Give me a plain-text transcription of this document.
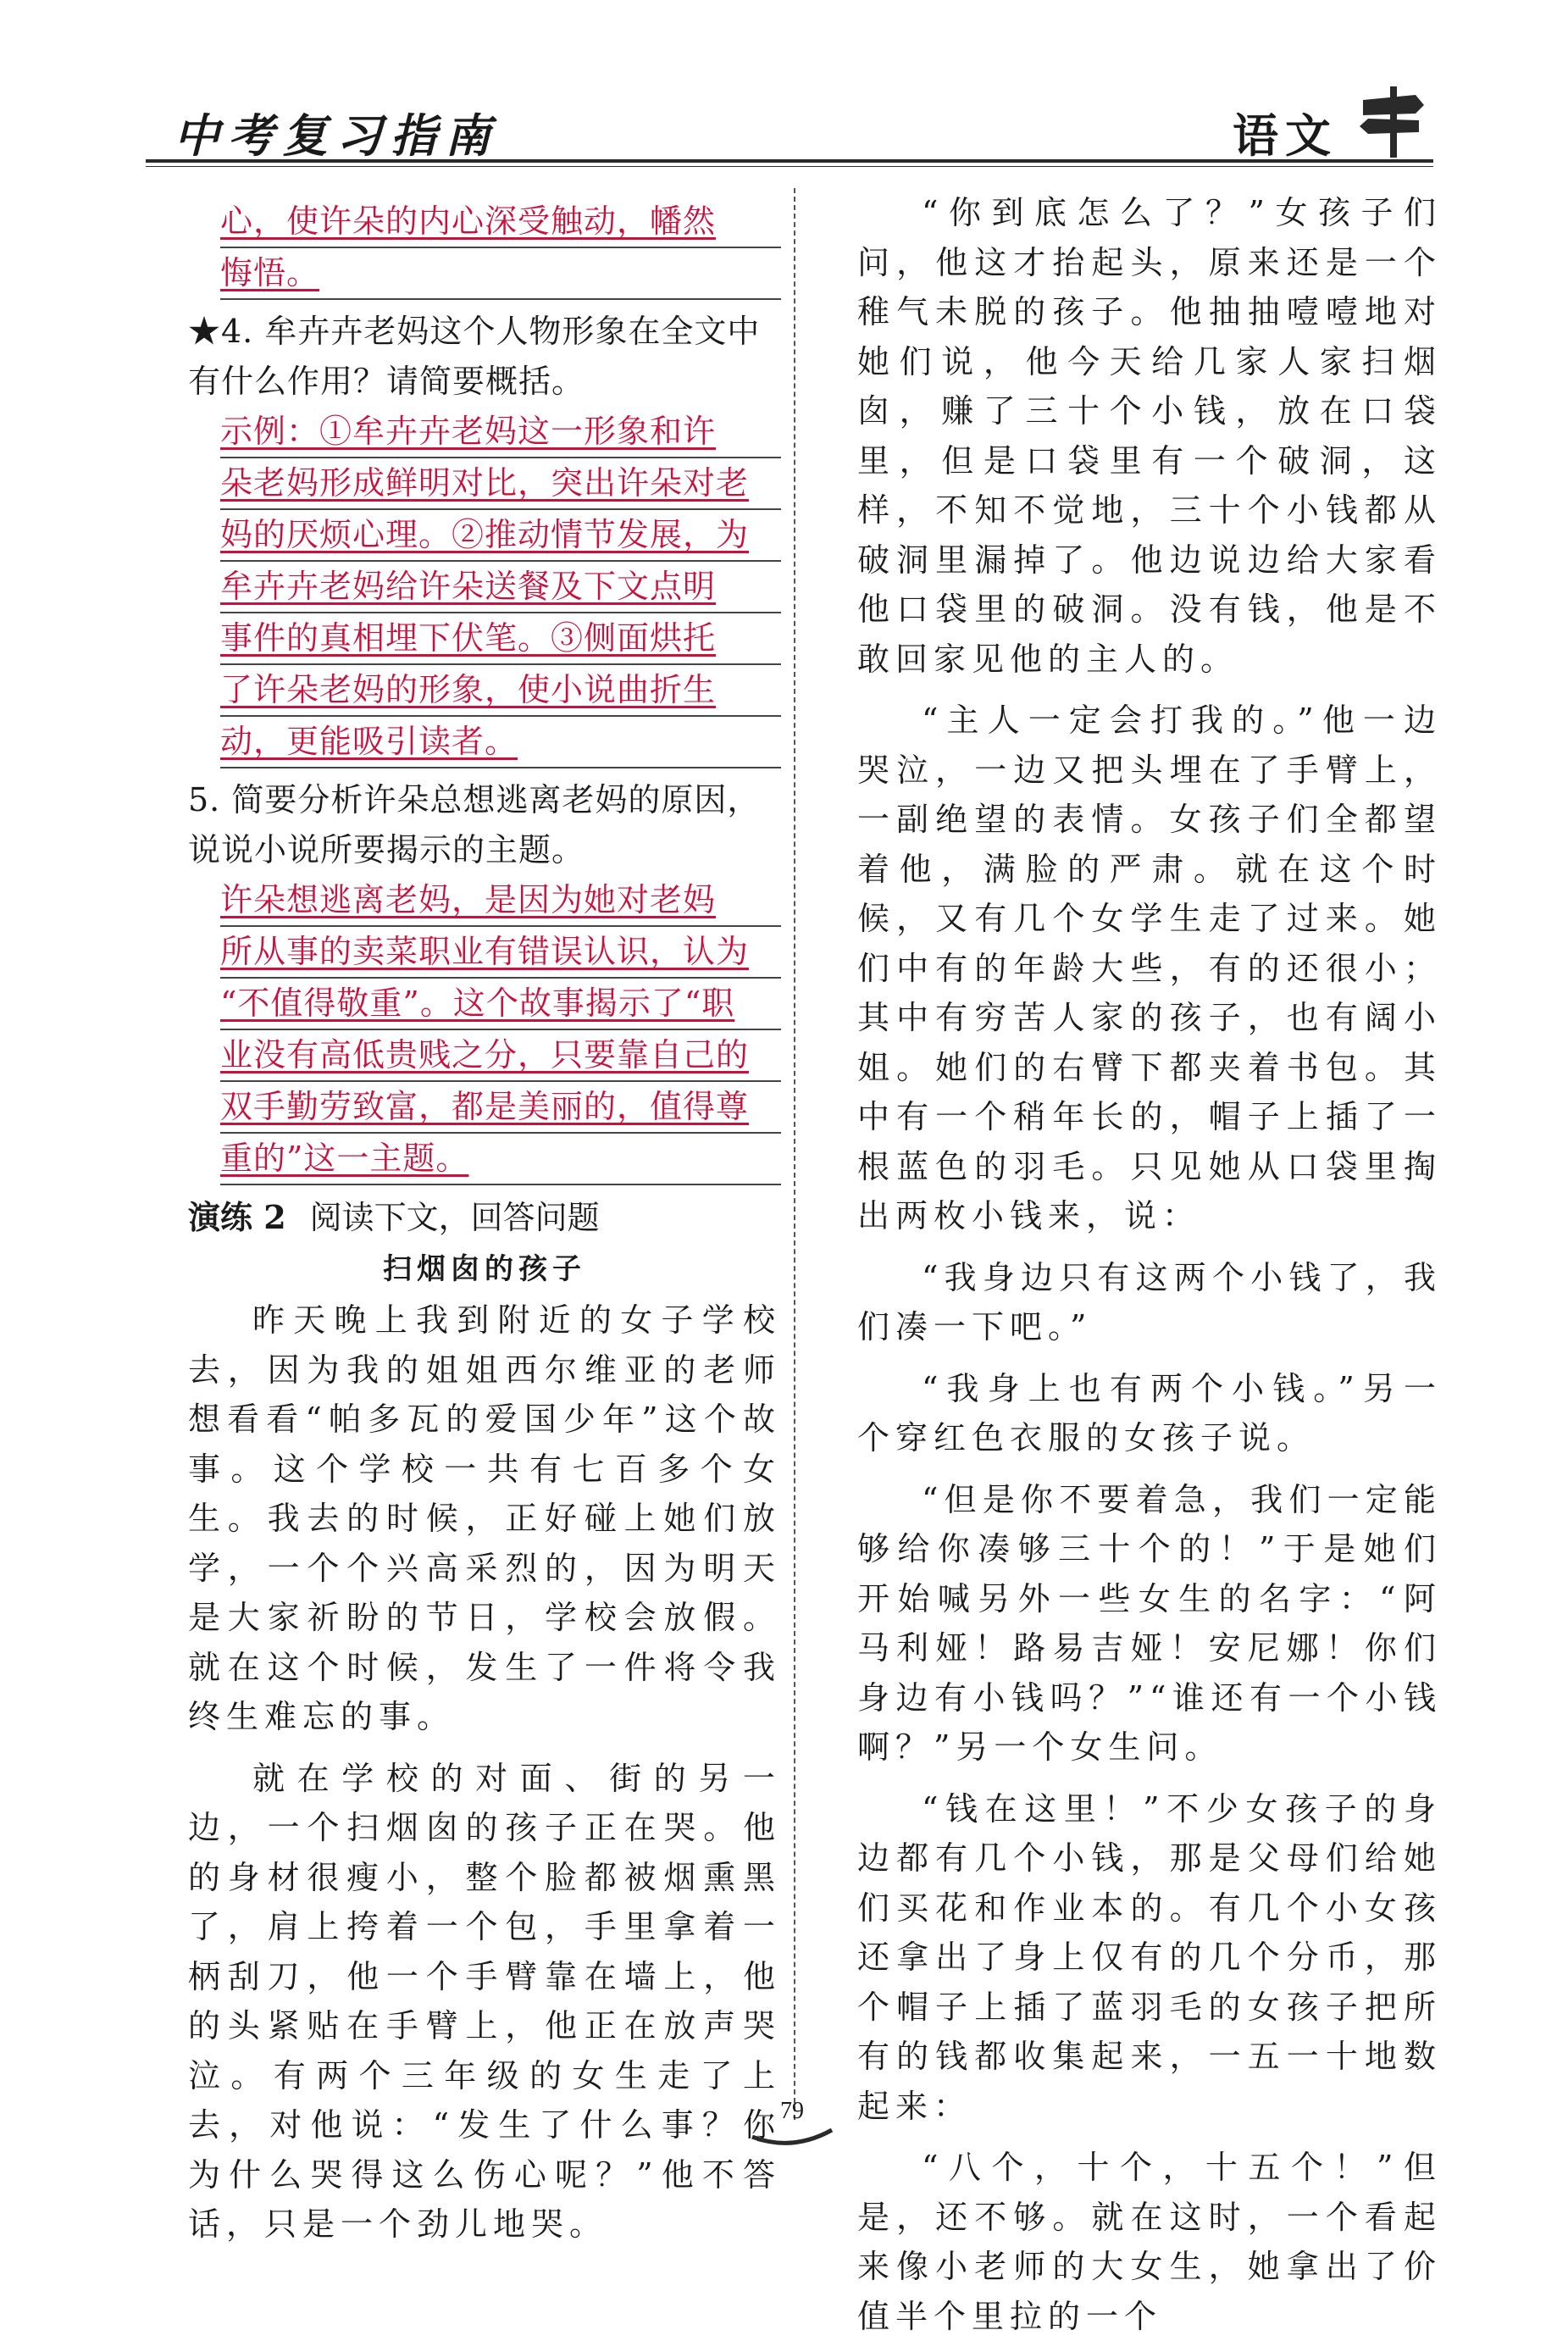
中考复习指南	语文
心，使许朵的内心深受触动，幡然
悔悟。

★4. 牟卉卉老妈这个人物形象在全文中有什么作用？请简要概括。

示例：①牟卉卉老妈这一形象和许
朵老妈形成鲜明对比，突出许朵对老
妈的厌烦心理。②推动情节发展，为
牟卉卉老妈给许朵送餐及下文点明
事件的真相埋下伏笔。③侧面烘托
了许朵老妈的形象，使小说曲折生
动，更能吸引读者。

5. 简要分析许朵总想逃离老妈的原因，说说小说所要揭示的主题。

许朵想逃离老妈，是因为她对老妈
所从事的卖菜职业有错误认识，认为
“不值得敬重”。这个故事揭示了“职
业没有高低贵贱之分，只要靠自己的
双手勤劳致富，都是美丽的，值得尊
重的”这一主题。
演练 2 阅读下文，回答问题
扫烟囱的孩子

昨天晚上我到附近的女子学校去，因为我的姐姐西尔维亚的老师想看看“帕多瓦的爱国少年”这个故事。这个学校一共有七百多个女生。我去的时候，正好碰上她们放学，一个个兴高采烈的，因为明天是大家祈盼的节日，学校会放假。就在这个时候，发生了一件将令我终生难忘的事。

就在学校的对面、街的另一边，一个扫烟囱的孩子正在哭。他的身材很瘦小，整个脸都被烟熏黑了，肩上挎着一个包，手里拿着一柄刮刀，他一个手臂靠在墙上，他的头紧贴在手臂上，他正在放声哭泣。有两个三年级的女生走了上去，对他说：“发生了什么事？你为什么哭得这么伤心呢？”他不答话，只是一个劲儿地哭。

“你到底怎么了？”女孩子们问，他这才抬起头，原来还是一个稚气未脱的孩子。他抽抽噎噎地对她们说，他今天给几家人家扫烟囱，赚了三十个小钱，放在口袋里，但是口袋里有一个破洞，这样，不知不觉地，三十个小钱都从破洞里漏掉了。他边说边给大家看他口袋里的破洞。没有钱，他是不敢回家见他的主人的。

“主人一定会打我的。”他一边哭泣，一边又把头埋在了手臂上，一副绝望的表情。女孩子们全都望着他，满脸的严肃。就在这个时候，又有几个女学生走了过来。她们中有的年龄大些，有的还很小；其中有穷苦人家的孩子，也有阔小姐。她们的右臂下都夹着书包。其中有一个稍年长的，帽子上插了一根蓝色的羽毛。只见她从口袋里掏出两枚小钱来，说：

“我身边只有这两个小钱了，我们凑一下吧。”

“我身上也有两个小钱。”另一个穿红色衣服的女孩子说。

“但是你不要着急，我们一定能够给你凑够三十个的！”于是她们开始喊另外一些女生的名字：“阿马利娅！路易吉娅！安尼娜！你们身边有小钱吗？”“谁还有一个小钱啊？”另一个女生问。

“钱在这里！”不少女孩子的身边都有几个小钱，那是父母们给她们买花和作业本的。有几个小女孩还拿出了身上仅有的几个分币，那个帽子上插了蓝羽毛的女孩子把所有的钱都收集起来，一五一十地数起来：

“八个，十个，十五个！”但是，还不够。就在这时，一个看起来像小老师的大女生，她拿出了价值半个里拉的一个

79
